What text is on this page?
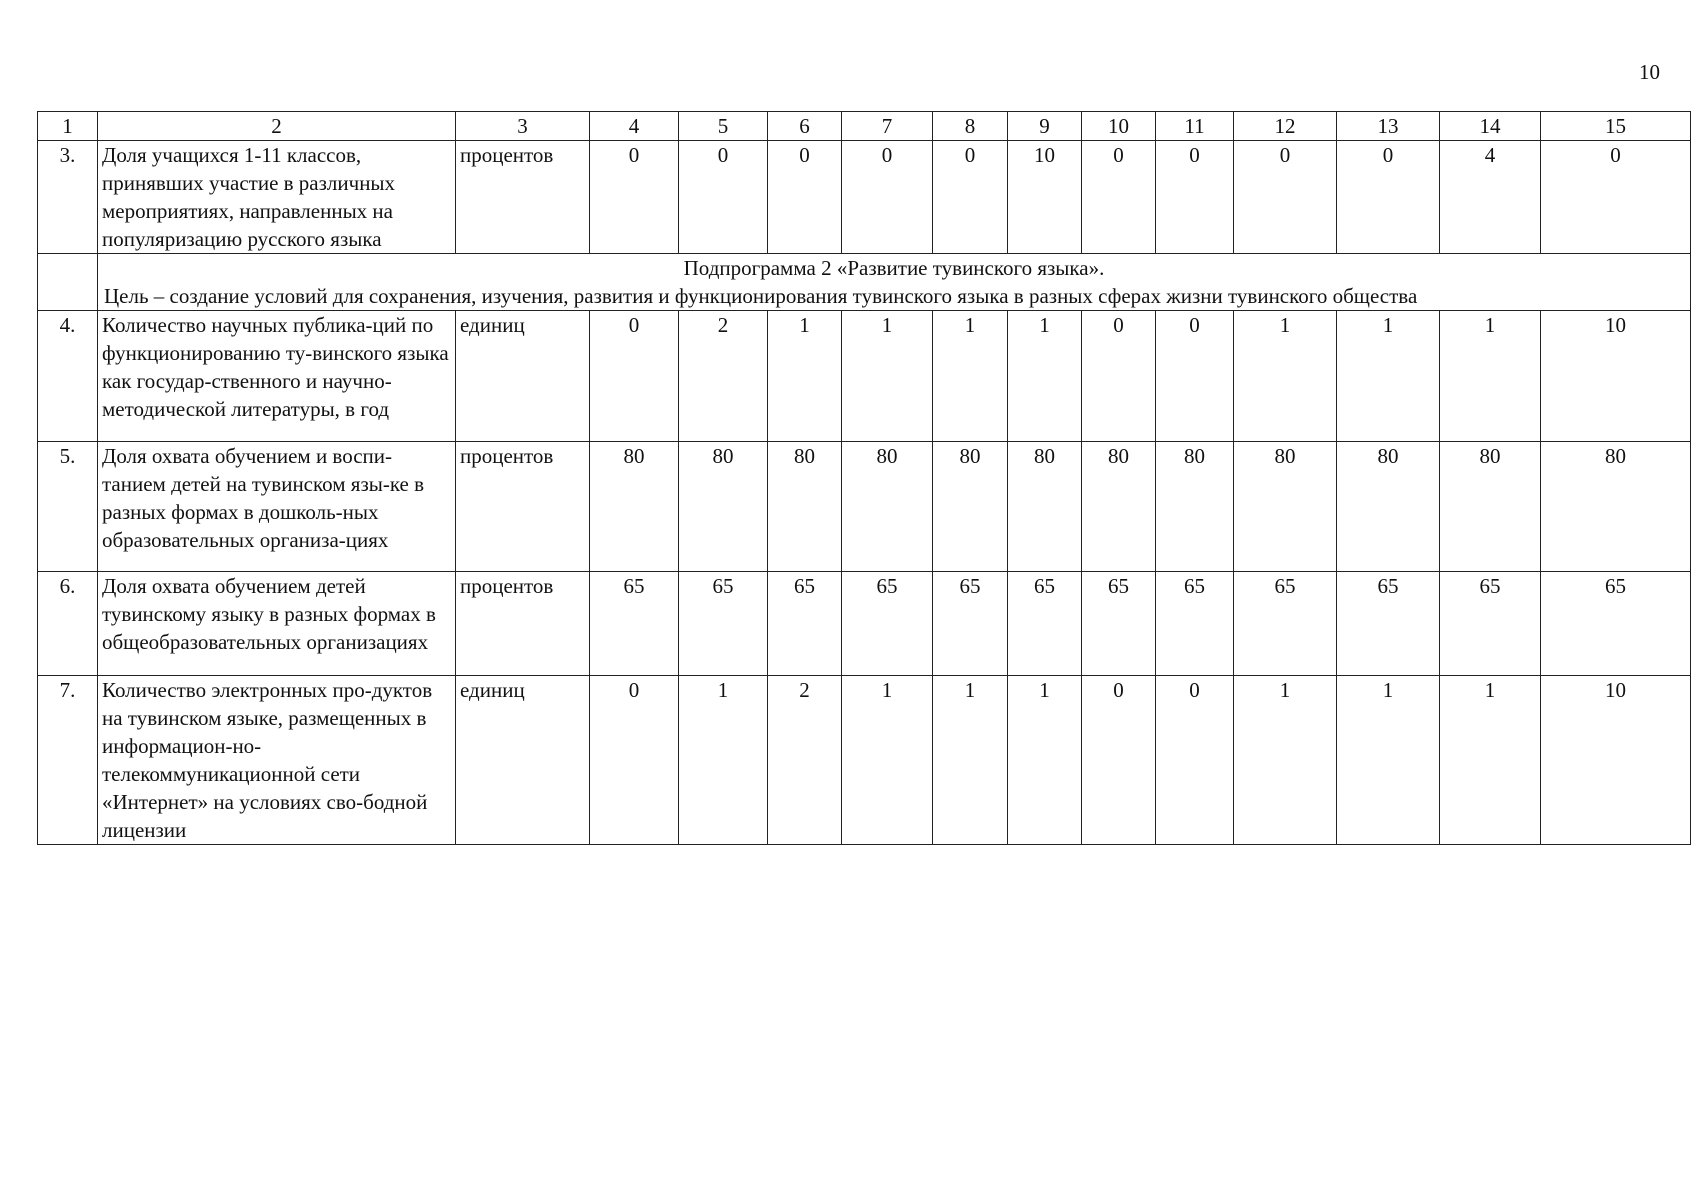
10
1	2	3	4	5	6	7	8	9	10	11	12	13	14	15
3.	Доля учащихся 1-11 классов, принявших участие в различных мероприятиях, направленных на популяризацию русского языка	процентов	0	0	0	0	0	10	0	0	0	0	4	0

	Подпрограмма 2 «Развитие тувинского языка».
Цель – создание условий для сохранения, изучения, развития и функционирования тувинского языка в разных сферах жизни тувинского общества													

4.	Количество научных публика-ций по функционированию ту-винского языка как государ-ственного и научно-методической литературы, в год	единиц	0	2	1	1	1	1	0	0	1	1	1	10
5.	Доля охвата обучением и воспи-танием детей на тувинском язы-ке в разных формах в дошколь-ных образовательных организа-циях	процентов	80	80	80	80	80	80	80	80	80	80	80	80
6.	Доля охвата обучением детей тувинскому языку в разных формах в общеобразовательных организациях	процентов	65	65	65	65	65	65	65	65	65	65	65	65
7.	Количество электронных про-дуктов на тувинском языке, размещенных в информацион-но-телекоммуникационной сети «Интернет» на условиях сво-бодной лицензии	единиц	0	1	2	1	1	1	0	0	1	1	1	10
